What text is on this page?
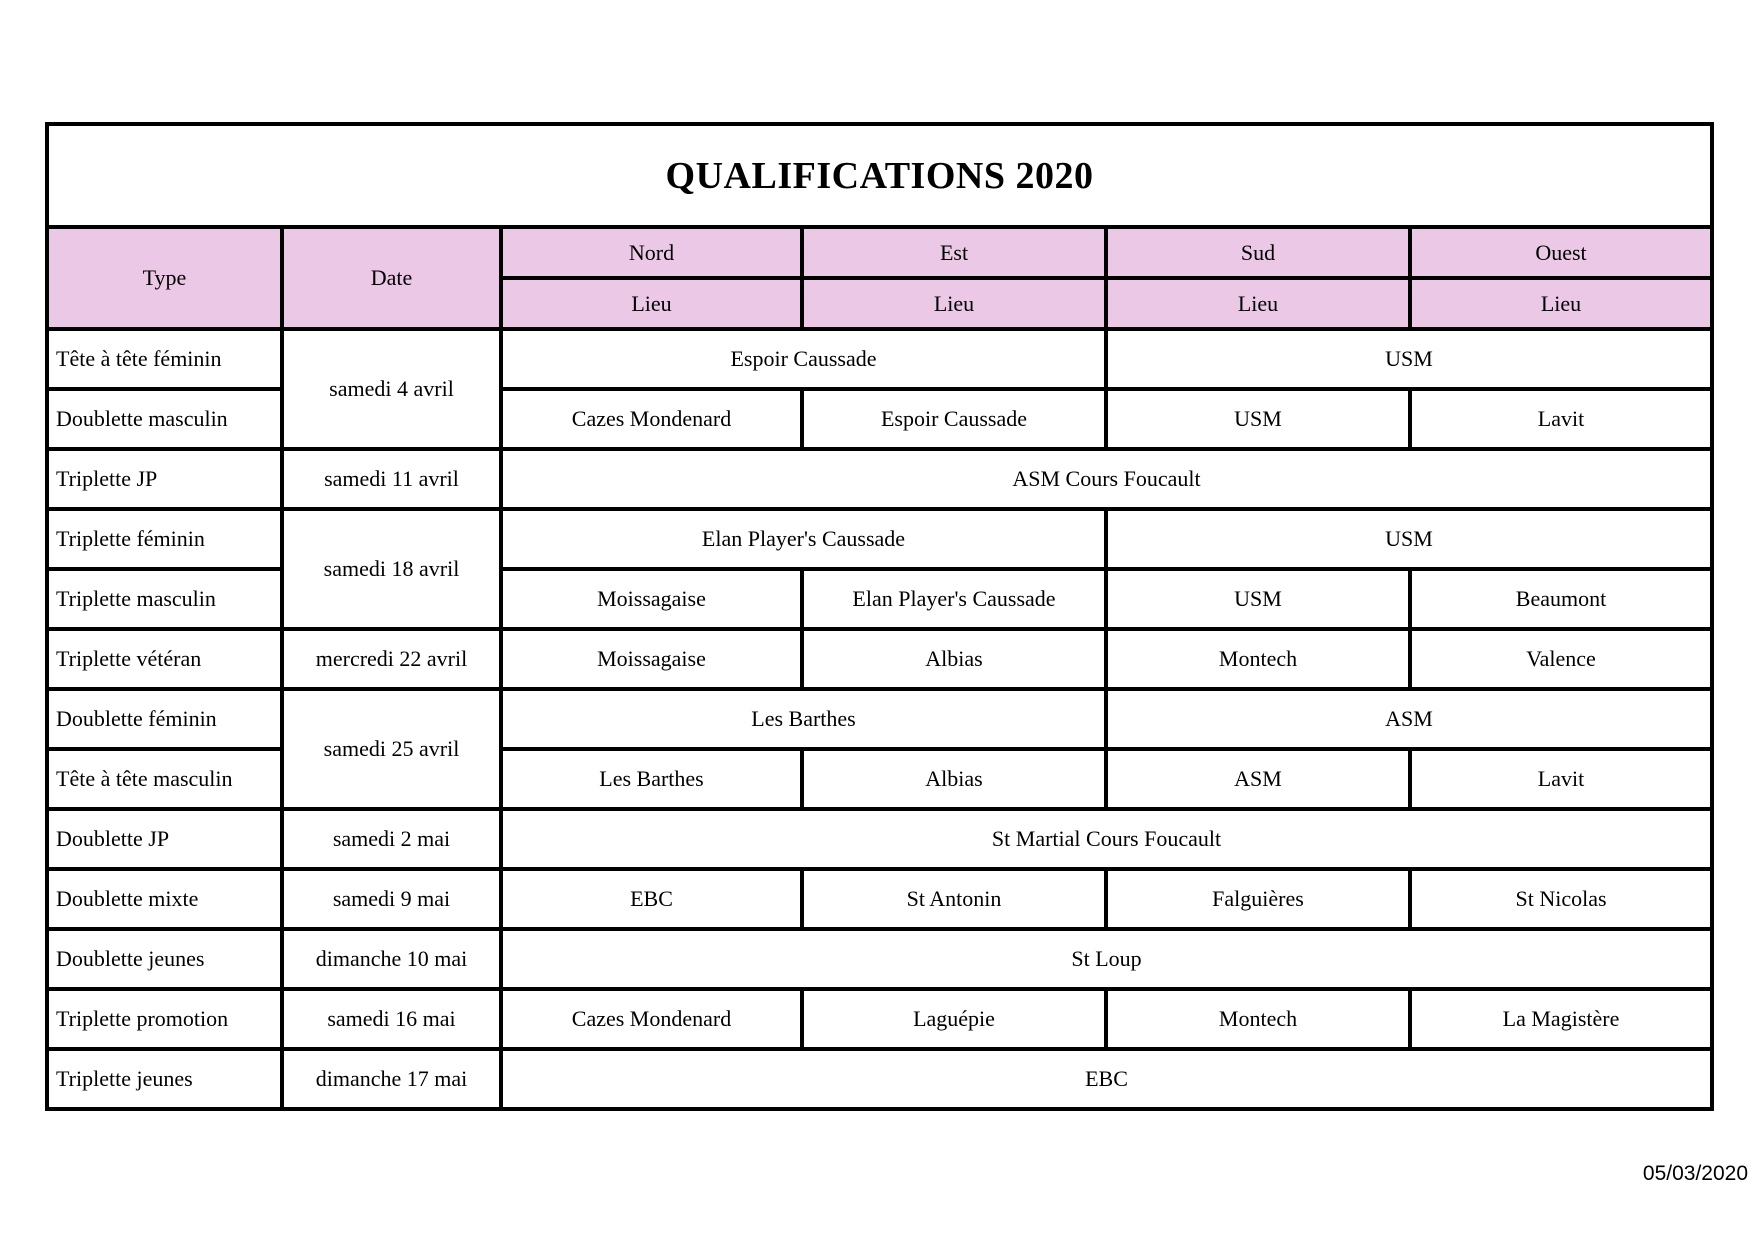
QUALIFICATIONS 2020					
Type	Date	Nord	Est	Sud	Ouest
		Lieu	Lieu	Lieu	Lieu
Tête à tête féminin	samedi 4 avril	Espoir Caussade		USM	
Doublette masculin		Cazes Mondenard	Espoir Caussade	USM	Lavit
Triplette JP	samedi 11 avril	ASM Cours Foucault			
Triplette féminin	samedi 18 avril	Elan Player's Caussade		USM	
Triplette masculin		Moissagaise	Elan Player's Caussade	USM	Beaumont
Triplette vétéran	mercredi 22 avril	Moissagaise	Albias	Montech	Valence
Doublette féminin	samedi 25 avril	Les Barthes		ASM	
Tête à tête masculin		Les Barthes	Albias	ASM	Lavit
Doublette JP	samedi 2 mai	St Martial Cours Foucault			
Doublette mixte	samedi 9 mai	EBC	St Antonin	Falguières	St Nicolas
Doublette jeunes	dimanche 10 mai	St Loup			
Triplette promotion	samedi 16 mai	Cazes Mondenard	Laguépie	Montech	La Magistère
Triplette jeunes	dimanche 17 mai	EBC			
05/03/2020
